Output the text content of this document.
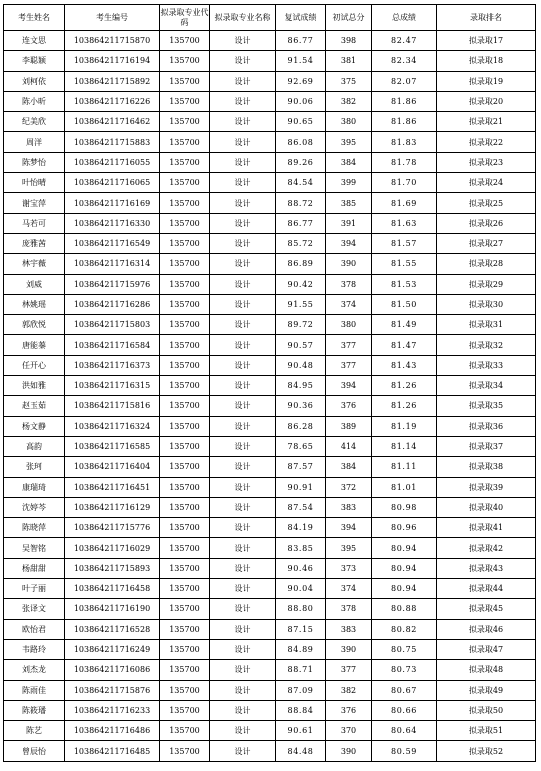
考生姓名	考生编号	拟录取专业代码	拟录取专业名称	复试成绩	初试总分	总成绩	录取排名
连文思	103864211715870	135700	设计	86.77	398	82.47	拟录取17
李聪颖	103864211716194	135700	设计	91.54	381	82.34	拟录取18
刘柯依	103864211715892	135700	设计	92.69	375	82.07	拟录取19
陈小昕	103864211716226	135700	设计	90.06	382	81.86	拟录取20
纪美欣	103864211716462	135700	设计	90.65	380	81.86	拟录取21
周洋	103864211715883	135700	设计	86.08	395	81.83	拟录取22
陈梦怡	103864211716055	135700	设计	89.26	384	81.78	拟录取23
叶怡晴	103864211716065	135700	设计	84.54	399	81.70	拟录取24
谢宝萍	103864211716169	135700	设计	88.72	385	81.69	拟录取25
马若可	103864211716330	135700	设计	86.77	391	81.63	拟录取26
庞雅茜	103864211716549	135700	设计	85.72	394	81.57	拟录取27
林宇薇	103864211716314	135700	设计	86.89	390	81.55	拟录取28
刘威	103864211715976	135700	设计	90.42	378	81.53	拟录取29
林姚瑶	103864211716286	135700	设计	91.55	374	81.50	拟录取30
郭欣悦	103864211715803	135700	设计	89.72	380	81.49	拟录取31
唐能蓁	103864211716584	135700	设计	90.57	377	81.47	拟录取32
任开心	103864211716373	135700	设计	90.48	377	81.43	拟录取33
洪如雅	103864211716315	135700	设计	84.95	394	81.26	拟录取34
赵玉茹	103864211715816	135700	设计	90.36	376	81.26	拟录取35
杨文静	103864211716324	135700	设计	86.28	389	81.19	拟录取36
高韵	103864211716585	135700	设计	78.65	414	81.14	拟录取37
张珂	103864211716404	135700	设计	87.57	384	81.11	拟录取38
康瑞琦	103864211716451	135700	设计	90.91	372	81.01	拟录取39
沈婷芩	103864211716129	135700	设计	87.54	383	80.98	拟录取40
陈晓萍	103864211715776	135700	设计	84.19	394	80.96	拟录取41
吴智铭	103864211716029	135700	设计	83.85	395	80.94	拟录取42
杨甜甜	103864211715893	135700	设计	90.46	373	80.94	拟录取43
叶子丽	103864211716458	135700	设计	90.04	374	80.94	拟录取44
张译文	103864211716190	135700	设计	88.80	378	80.88	拟录取45
欧怡君	103864211716528	135700	设计	87.15	383	80.82	拟录取46
韦路玲	103864211716249	135700	设计	84.89	390	80.75	拟录取47
刘杰龙	103864211716086	135700	设计	88.71	377	80.73	拟录取48
陈雨佳	103864211715876	135700	设计	87.09	382	80.67	拟录取49
陈筱璠	103864211716233	135700	设计	88.84	376	80.66	拟录取50
陈艺	103864211716486	135700	设计	90.61	370	80.64	拟录取51
曾辰怡	103864211716485	135700	设计	84.48	390	80.59	拟录取52
